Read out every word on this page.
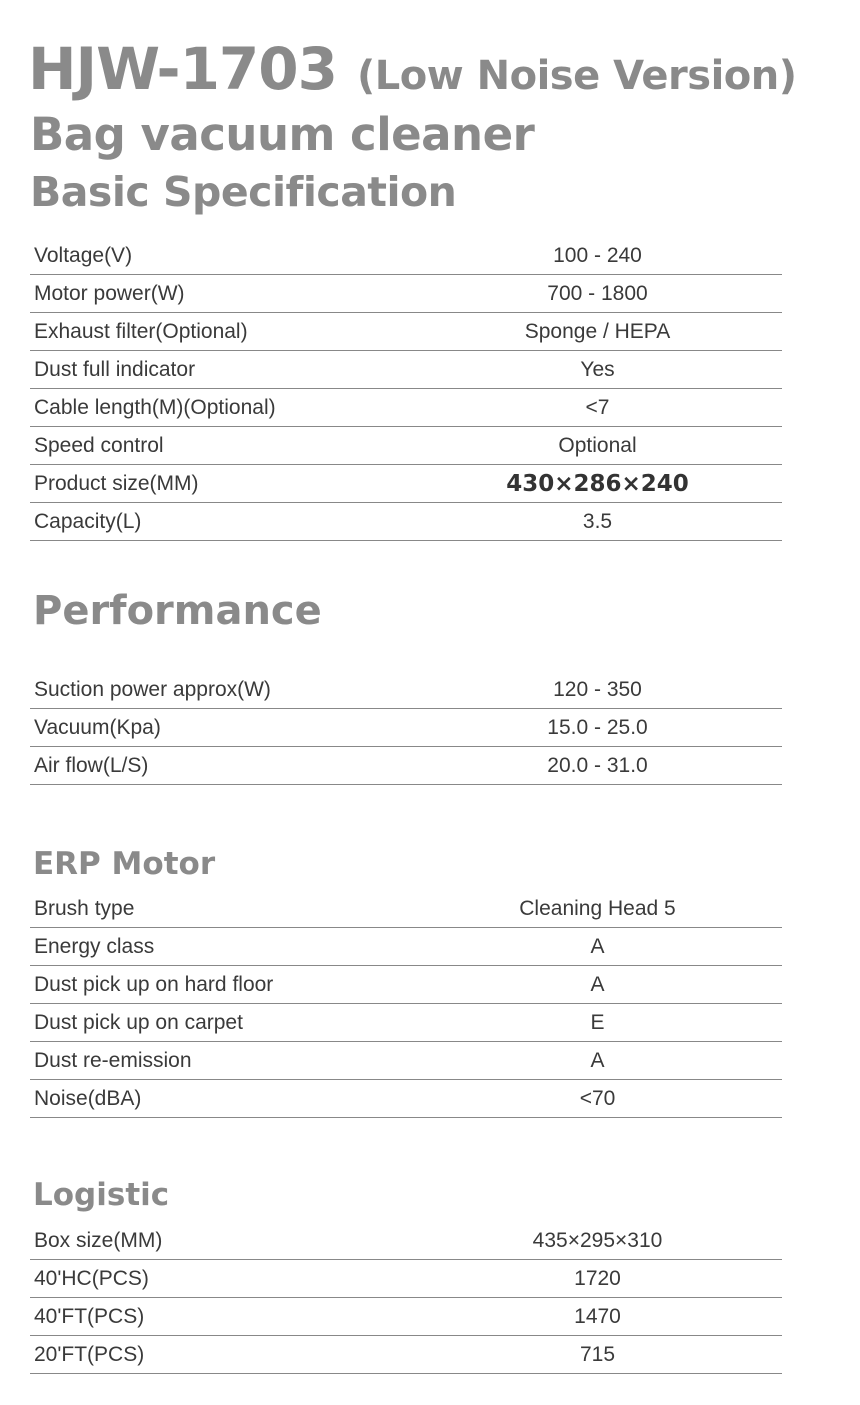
HJW-1703 (Low Noise Version)
Bag vacuum cleaner
Basic Specification
Voltage(V)	100 - 240
Motor power(W)	700 - 1800
Exhaust filter(Optional)	Sponge / HEPA
Dust full indicator	Yes
Cable length(M)(Optional)	<7
Speed control	Optional
Product size(MM)	430×286×240
Capacity(L)	3.5
Performance
Suction power approx(W)	120 - 350
Vacuum(Kpa)	15.0 - 25.0
Air flow(L/S)	20.0 - 31.0
ERP Motor
Brush type	Cleaning Head 5
Energy class	A
Dust pick up on hard floor	A
Dust pick up on carpet	E
Dust re-emission	A
Noise(dBA)	<70
Logistic
Box size(MM)	435×295×310
40'HC(PCS)	1720
40'FT(PCS)	1470
20'FT(PCS)	715
